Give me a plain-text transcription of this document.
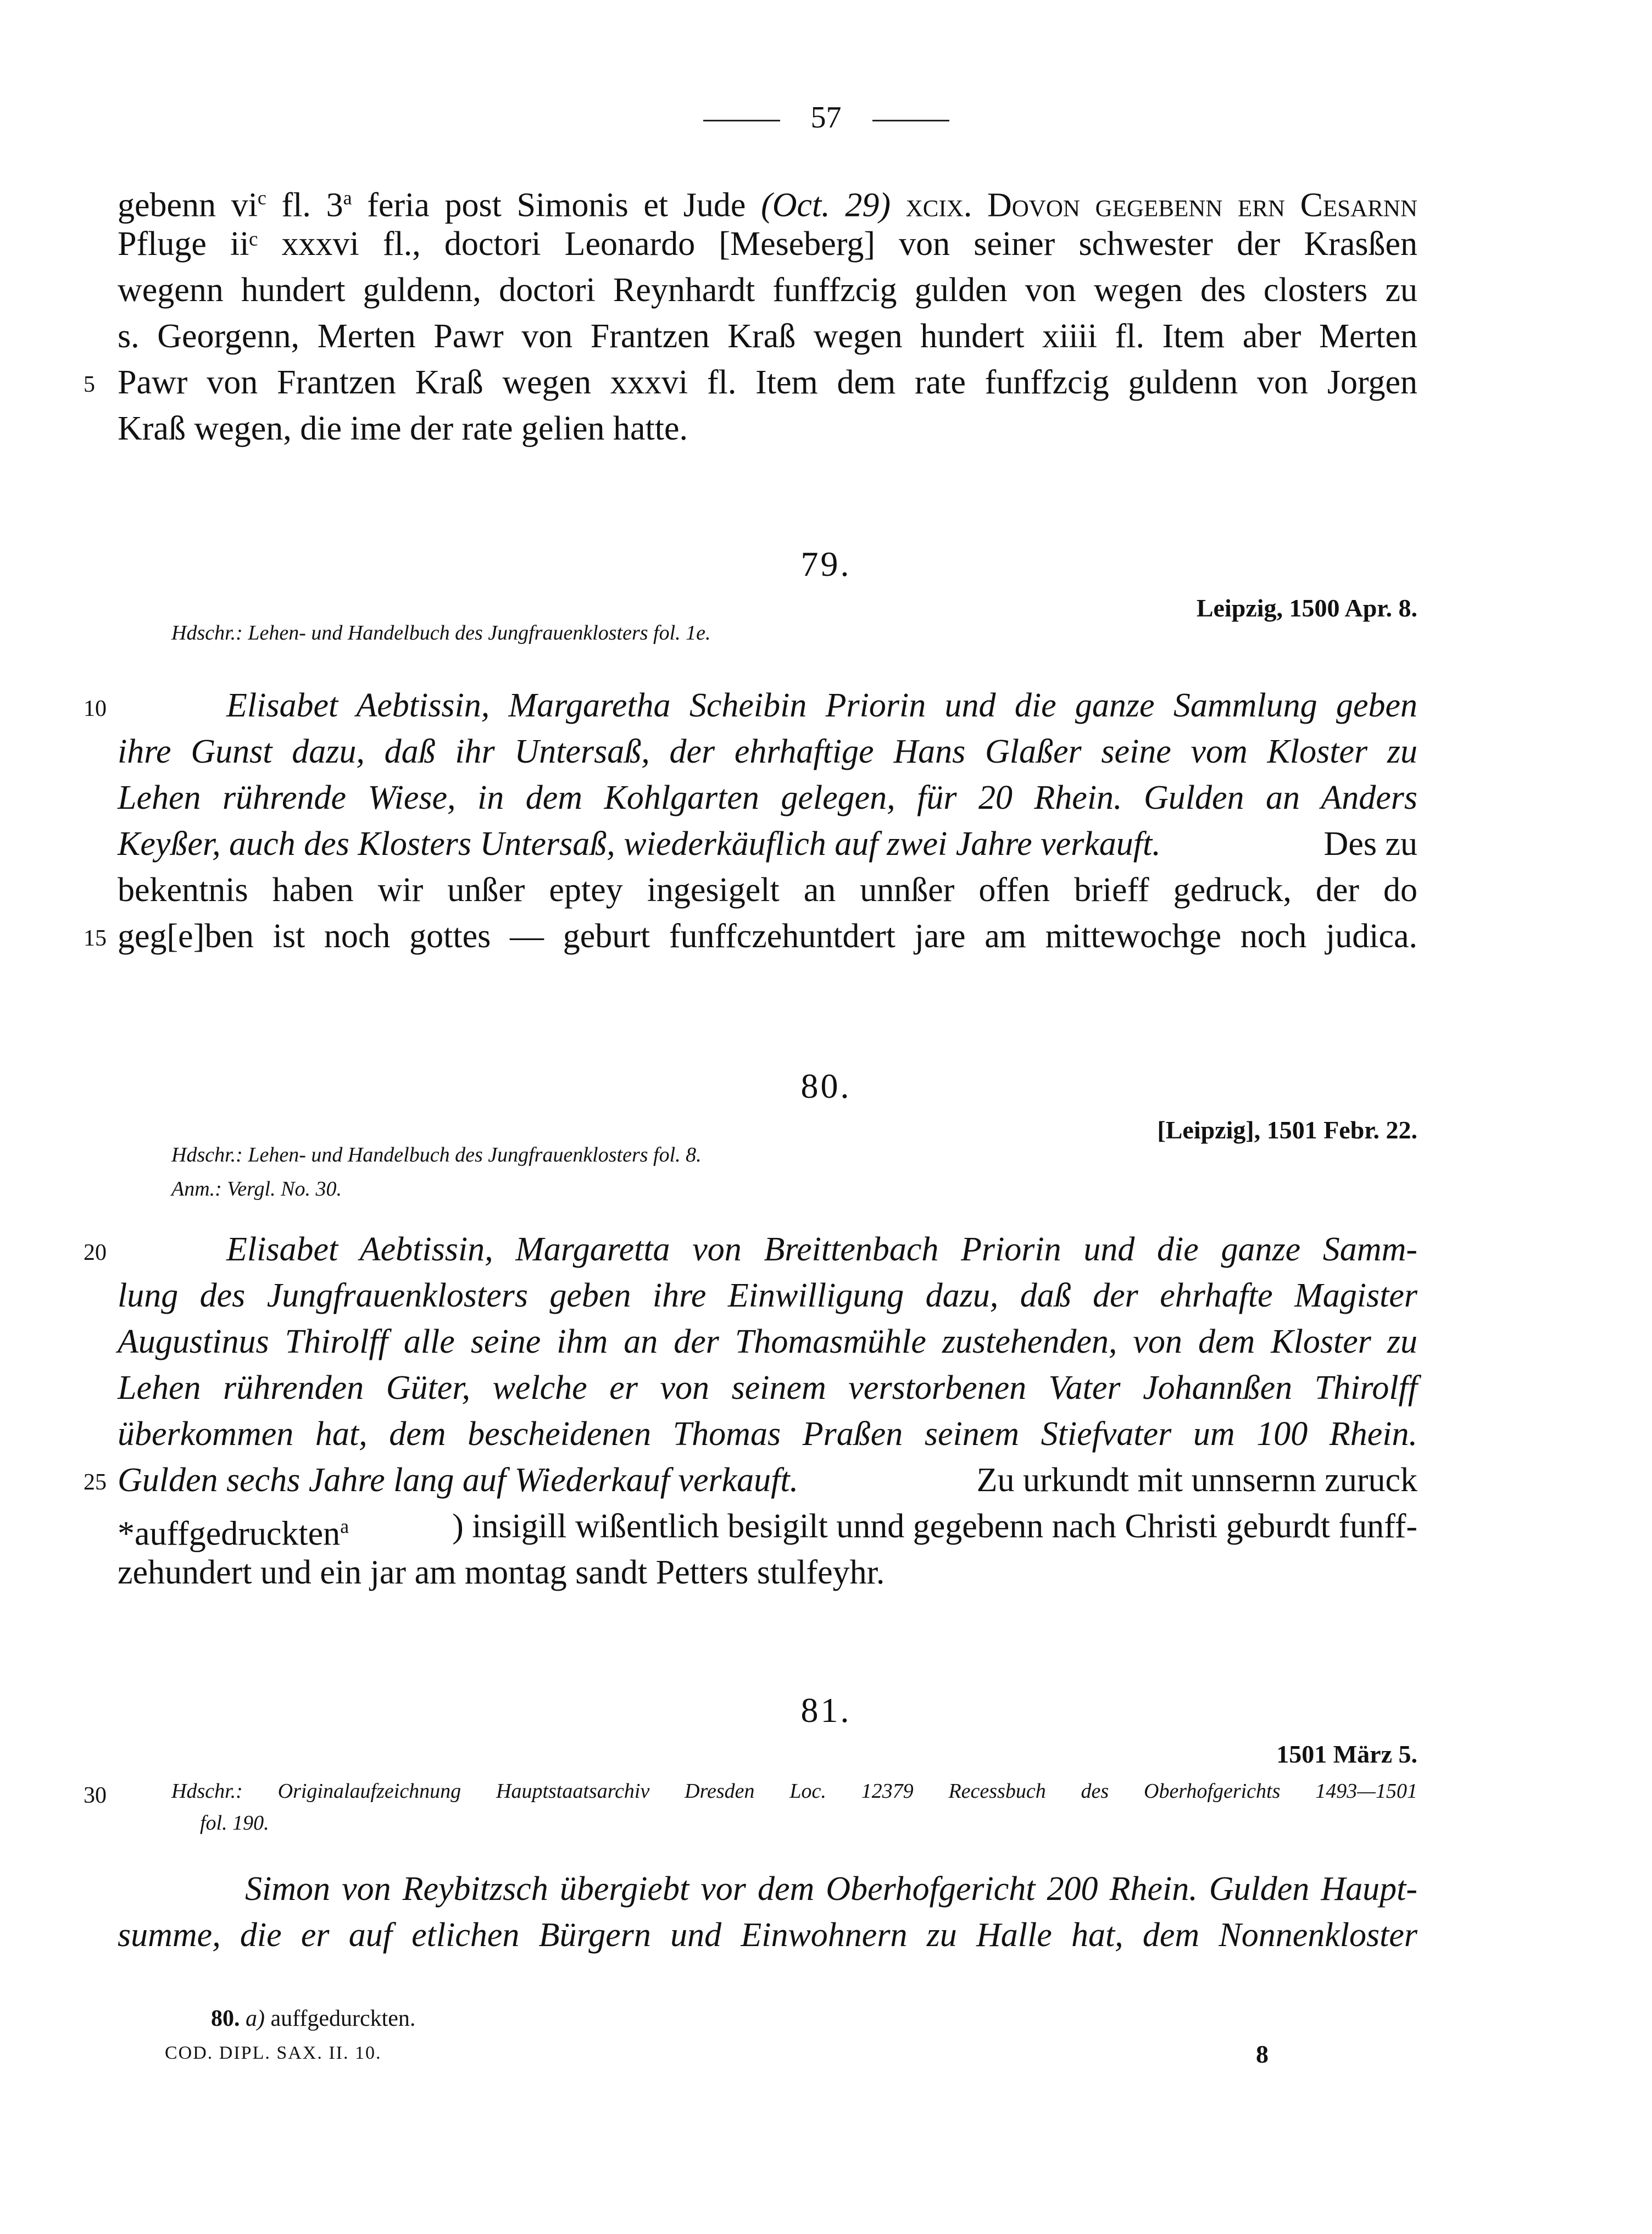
57
gebenn $vi^c$ fl. 3$^a$ feria post Simonis et Jude (Oct. 29) xcix. Dovon gegebenn ern Cesarnn
Pfluge iiᶜ xxxvi fl., doctori Leonardo [Meseberg] von seiner schwester der Krasßen
wegenn hundert guldenn, doctori Reynhardt funffzcig gulden von wegen des closters zu
s. Georgenn, Merten Pawr von Frantzen Kraß wegen hundert xiiii fl. Item aber Merten
5 Pawr von Frantzen Kraß wegen xxxvi fl. Item dem rate funffzcig guldenn von Jorgen
Kraß wegen, die ime der rate gelien hatte.
79.
Leipzig, 1500 Apr. 8.
Hdschr.: Lehen- und Handelbuch des Jungfrauenklosters fol. 1e.
10	Elisabet Aebtissin, Margaretha Scheibin Priorin und die ganze Sammlung geben
ihre Gunst dazu, daß ihr Untersaß, der ehrhaftige Hans Glaßer seine vom Kloster zu
Lehen rührende Wiese, in dem Kohlgarten gelegen, für 20 Rhein. Gulden an Anders
Keyßer, auch des Klosters Untersaß, wiederkäuflich auf zwei Jahre verkauft.	Des zu
bekentnis haben wir unßer eptey ingesigelt an unnßer offen brieff gedruck, der do
15 geg[e]ben ist noch gottes — geburt funffczehuntdert jare am mittewochge noch judica.
80.
[Leipzig], 1501 Febr. 22.
Hdschr.: Lehen- und Handelbuch des Jungfrauenklosters fol. 8.
Anm.: Vergl. No. 30.
20	Elisabet Aebtissin, Margaretta von Breittenbach Priorin und die ganze Samm-
lung des Jungfrauenklosters geben ihre Einwilligung dazu, daß der ehrhafte Magister
Augustinus Thirolff alle seine ihm an der Thomasmühle zustehenden, von dem Kloster zu
Lehen rührenden Güter, welche er von seinem verstorbenen Vater Johannßen Thirolff
überkommen hat, dem bescheidenen Thomas Praßen seinem Stiefvater um 100 Rhein.
25 Gulden sechs Jahre lang auf Wiederkauf verkauft.	Zu urkundt mit unnsernn zuruck
*auffgedruckten$^a$	) insigill wißentlich besigilt unnd gegebenn nach Christi geburdt funff-
zehundert und ein jar am montag sandt Petters stulfeyhr.
81.
1501 März 5.
30	Hdschr.: Originalaufzeichnung Hauptstaatsarchiv Dresden Loc. 12379 Recessbuch des Oberhofgerichts 1493—1501
fol. 190.
Simon von Reybitzsch übergiebt vor dem Oberhofgericht 200 Rhein. Gulden Haupt-
summe, die er auf etlichen Bürgern und Einwohnern zu Halle hat, dem Nonnenkloster
80. a) auffgedurckten.
COD. DIPL. SAX. II. 10.	8
